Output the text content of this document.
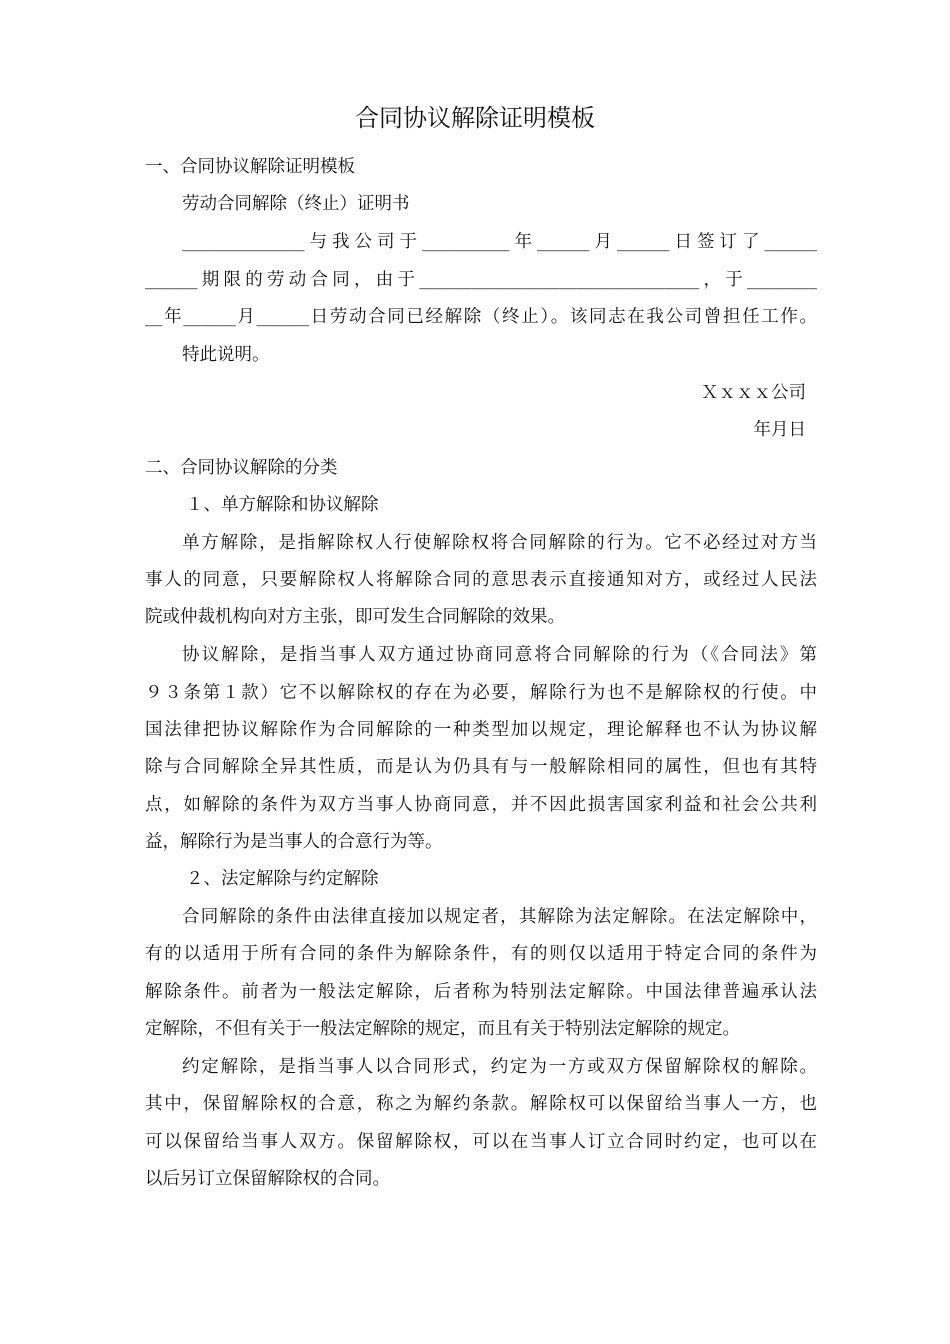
合同协议解除证明模板
一、合同协议解除证明模板
劳动合同解除（终止）证明书
______________与我公司于__________年______月______日签订了______
______期限的劳动合同，由于________________________________，于________
__年______月______日劳动合同已经解除（终止）。该同志在我公司曾担任工作。
特此说明。
Ｘｘｘｘ公司
年月日
二、合同协议解除的分类
１、单方解除和协议解除
单方解除，是指解除权人行使解除权将合同解除的行为。它不必经过对方当
事人的同意，只要解除权人将解除合同的意思表示直接通知对方，或经过人民法
院或仲裁机构向对方主张，即可发生合同解除的效果。
协议解除，是指当事人双方通过协商同意将合同解除的行为（《合同法》第
９３条第１款）它不以解除权的存在为必要，解除行为也不是解除权的行使。中
国法律把协议解除作为合同解除的一种类型加以规定，理论解释也不认为协议解
除与合同解除全异其性质，而是认为仍具有与一般解除相同的属性，但也有其特
点，如解除的条件为双方当事人协商同意，并不因此损害国家利益和社会公共利
益，解除行为是当事人的合意行为等。
２、法定解除与约定解除
合同解除的条件由法律直接加以规定者，其解除为法定解除。在法定解除中，
有的以适用于所有合同的条件为解除条件，有的则仅以适用于特定合同的条件为
解除条件。前者为一般法定解除，后者称为特别法定解除。中国法律普遍承认法
定解除，不但有关于一般法定解除的规定，而且有关于特别法定解除的规定。
约定解除，是指当事人以合同形式，约定为一方或双方保留解除权的解除。
其中，保留解除权的合意，称之为解约条款。解除权可以保留给当事人一方，也
可以保留给当事人双方。保留解除权，可以在当事人订立合同时约定，也可以在
以后另订立保留解除权的合同。
